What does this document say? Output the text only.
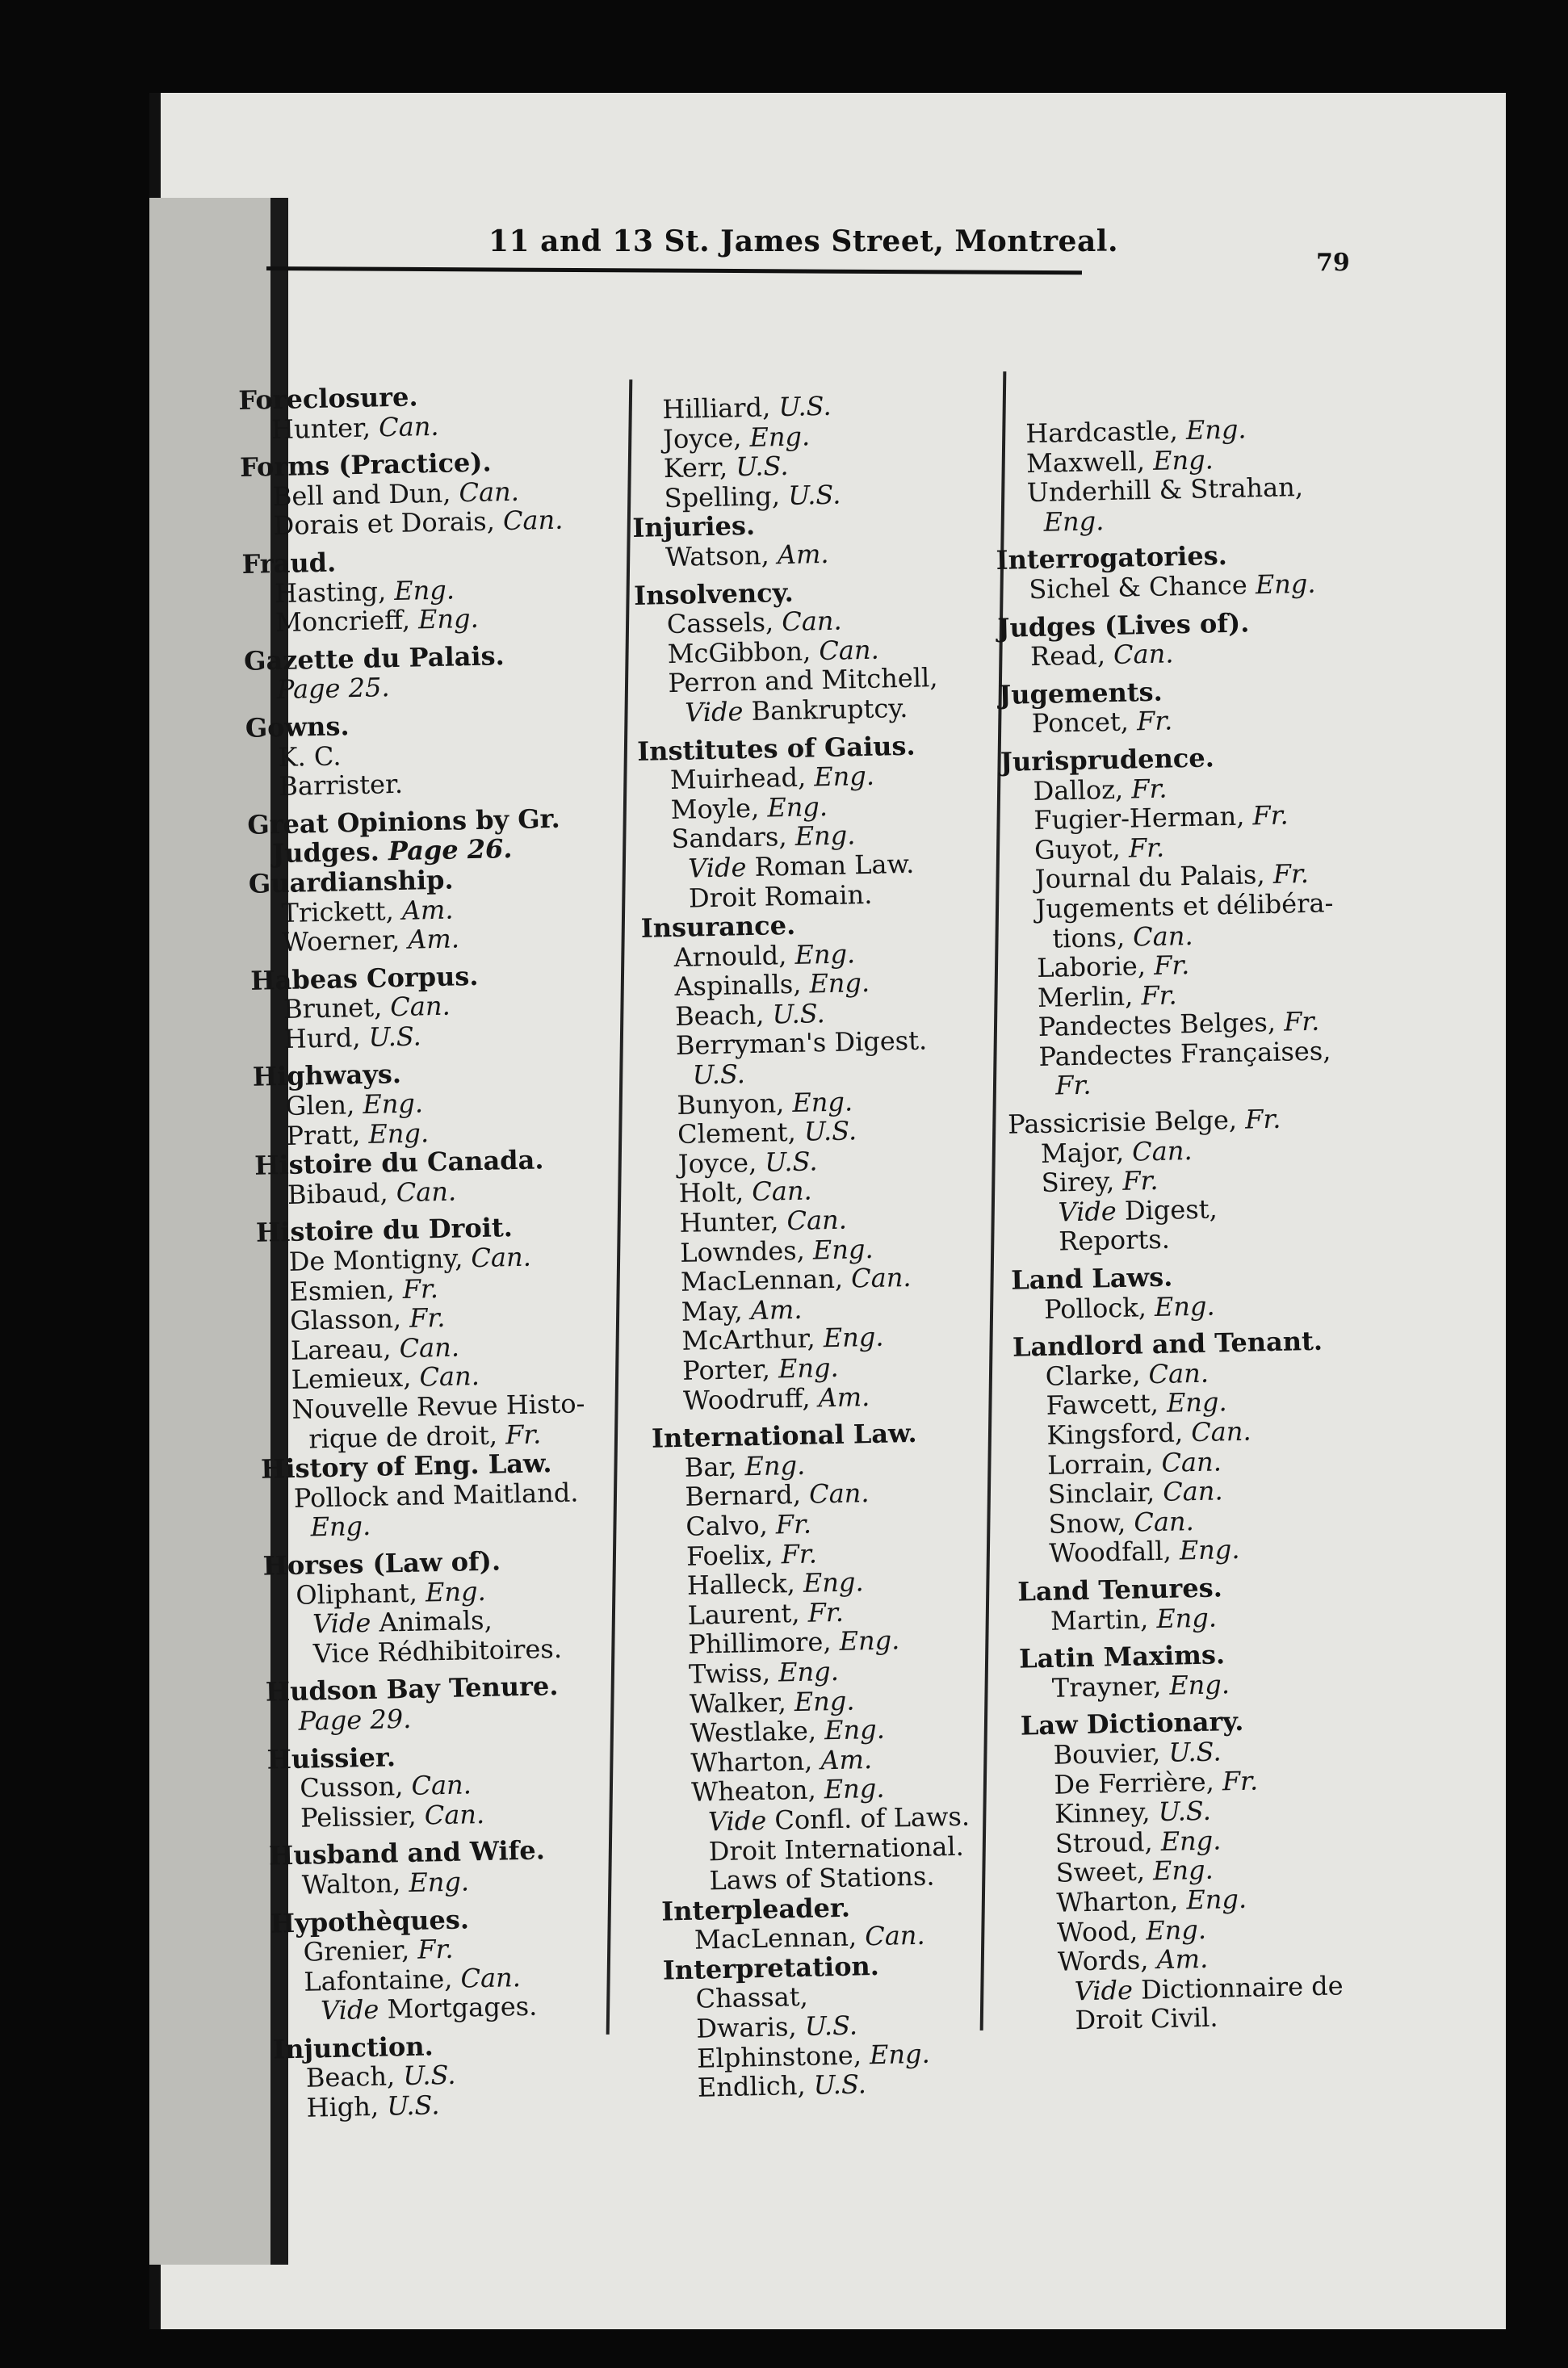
11 and 13 St. James Street, Montreal.
79
Foreclosure.
Hunter, Can.
Forms (Practice).
Bell and Dun, Can.
Dorais et Dorais, Can.
Fraud.
Hasting, Eng.
Moncrieff, Eng.
Gazette du Palais.
Page 25.
Gowns.
K. C.
Barrister.
Great Opinions by Gr.
Judges. Page 26.
Guardianship.
Trickett, Am.
Woerner, Am.
Habeas Corpus.
Brunet, Can.
Hurd, U.S.
Highways.
Glen, Eng.
Pratt, Eng.
Histoire du Canada.
Bibaud, Can.
Histoire du Droit.
De Montigny, Can.
Esmien, Fr.
Glasson, Fr.
Lareau, Can.
Lemieux, Can.
Nouvelle Revue Histo-
rique de droit, Fr.
History of Eng. Law.
Pollock and Maitland.
Eng.
Horses (Law of).
Oliphant, Eng.
Vide Animals,
Vice Rédhibitoires.
Hudson Bay Tenure.
Page 29.
Huissier.
Cusson, Can.
Pelissier, Can.
Husband and Wife.
Walton, Eng.
Hypothèques.
Grenier, Fr.
Lafontaine, Can.
Vide Mortgages.
Injunction.
Beach, U.S.
High, U.S.
Hilliard, U.S.
Joyce, Eng.
Kerr, U.S.
Spelling, U.S.
Injuries.
Watson, Am.
Insolvency.
Cassels, Can.
McGibbon, Can.
Perron and Mitchell,
Vide Bankruptcy.
Institutes of Gaius.
Muirhead, Eng.
Moyle, Eng.
Sandars, Eng.
Vide Roman Law.
Droit Romain.
Insurance.
Arnould, Eng.
Aspinalls, Eng.
Beach, U.S.
Berryman's Digest.
U.S.
Bunyon, Eng.
Clement, U.S.
Joyce, U.S.
Holt, Can.
Hunter, Can.
Lowndes, Eng.
MacLennan, Can.
May, Am.
McArthur, Eng.
Porter, Eng.
Woodruff, Am.
International Law.
Bar, Eng.
Bernard, Can.
Calvo, Fr.
Foelix, Fr.
Halleck, Eng.
Laurent, Fr.
Phillimore, Eng.
Twiss, Eng.
Walker, Eng.
Westlake, Eng.
Wharton, Am.
Wheaton, Eng.
Vide Confl. of Laws.
Droit International.
Laws of Stations.
Interpleader.
MacLennan, Can.
Interpretation.
Chassat,
Dwaris, U.S.
Elphinstone, Eng.
Endlich, U.S.
Hardcastle, Eng.
Maxwell, Eng.
Underhill & Strahan,
Eng.
Interrogatories.
Sichel & Chance Eng.
Judges (Lives of).
Read, Can.
Jugements.
Poncet, Fr.
Jurisprudence.
Dalloz, Fr.
Fugier-Herman, Fr.
Guyot, Fr.
Journal du Palais, Fr.
Jugements et délibéra-
tions, Can.
Laborie, Fr.
Merlin, Fr.
Pandectes Belges, Fr.
Pandectes Françaises,
Fr.
Passicrisie Belge, Fr.
Major, Can.
Sirey, Fr.
Vide Digest,
Reports.
Land Laws.
Pollock, Eng.
Landlord and Tenant.
Clarke, Can.
Fawcett, Eng.
Kingsford, Can.
Lorrain, Can.
Sinclair, Can.
Snow, Can.
Woodfall, Eng.
Land Tenures.
Martin, Eng.
Latin Maxims.
Trayner, Eng.
Law Dictionary.
Bouvier, U.S.
De Ferrière, Fr.
Kinney, U.S.
Stroud, Eng.
Sweet, Eng.
Wharton, Eng.
Wood, Eng.
Words, Am.
Vide Dictionnaire de
Droit Civil.
